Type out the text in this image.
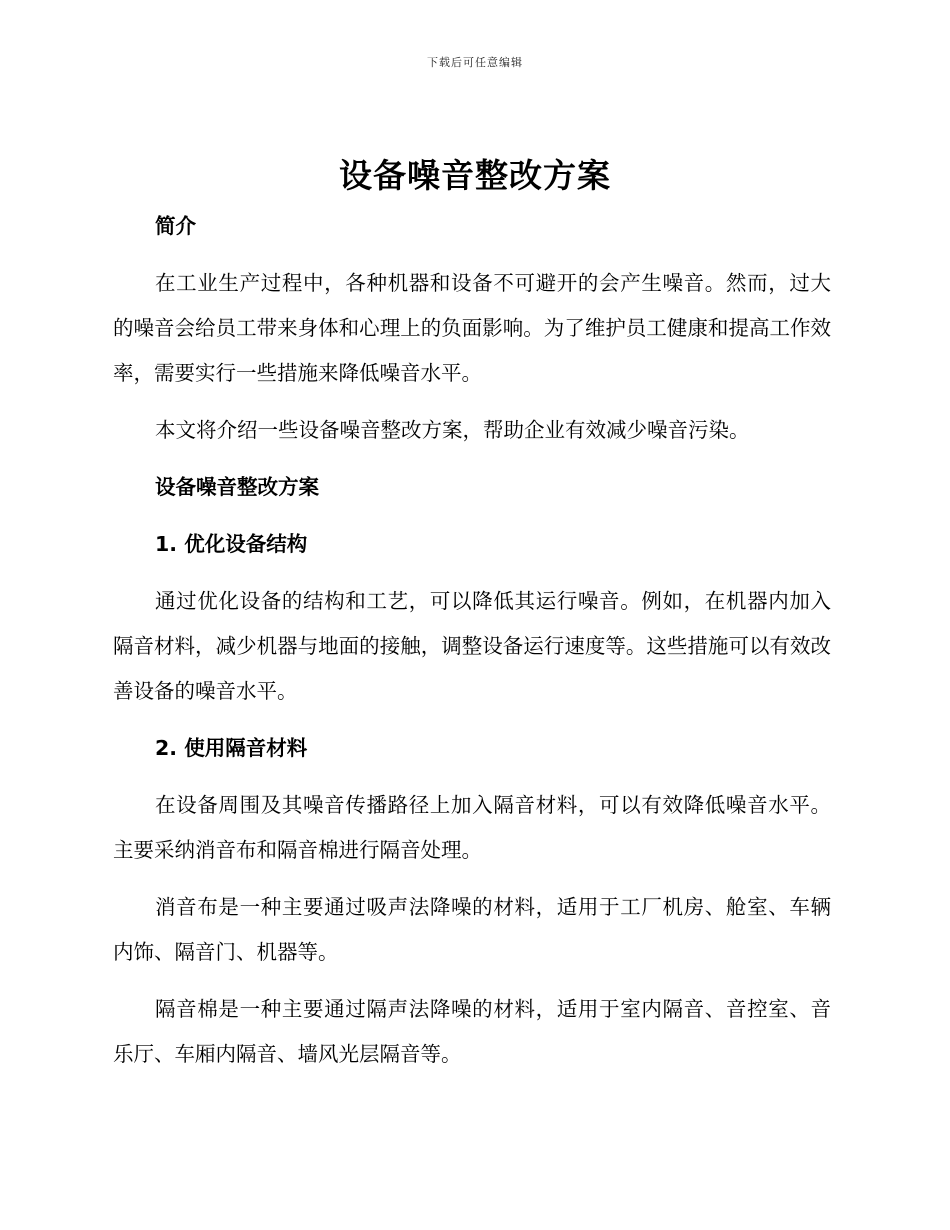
下载后可任意编辑
设备噪音整改方案
简介

在工业生产过程中，各种机器和设备不可避开的会产生噪音。然而，过大的噪音会给员工带来身体和心理上的负面影响。为了维护员工健康和提高工作效率，需要实行一些措施来降低噪音水平。

本文将介绍一些设备噪音整改方案，帮助企业有效减少噪音污染。

设备噪音整改方案
1. 优化设备结构

通过优化设备的结构和工艺，可以降低其运行噪音。例如，在机器内加入隔音材料，减少机器与地面的接触，调整设备运行速度等。这些措施可以有效改善设备的噪音水平。

2. 使用隔音材料

在设备周围及其噪音传播路径上加入隔音材料，可以有效降低噪音水平。主要采纳消音布和隔音棉进行隔音处理。

消音布是一种主要通过吸声法降噪的材料，适用于工厂机房、舱室、车辆内饰、隔音门、机器等。

隔音棉是一种主要通过隔声法降噪的材料，适用于室内隔音、音控室、音乐厅、车厢内隔音、墙风光层隔音等。
